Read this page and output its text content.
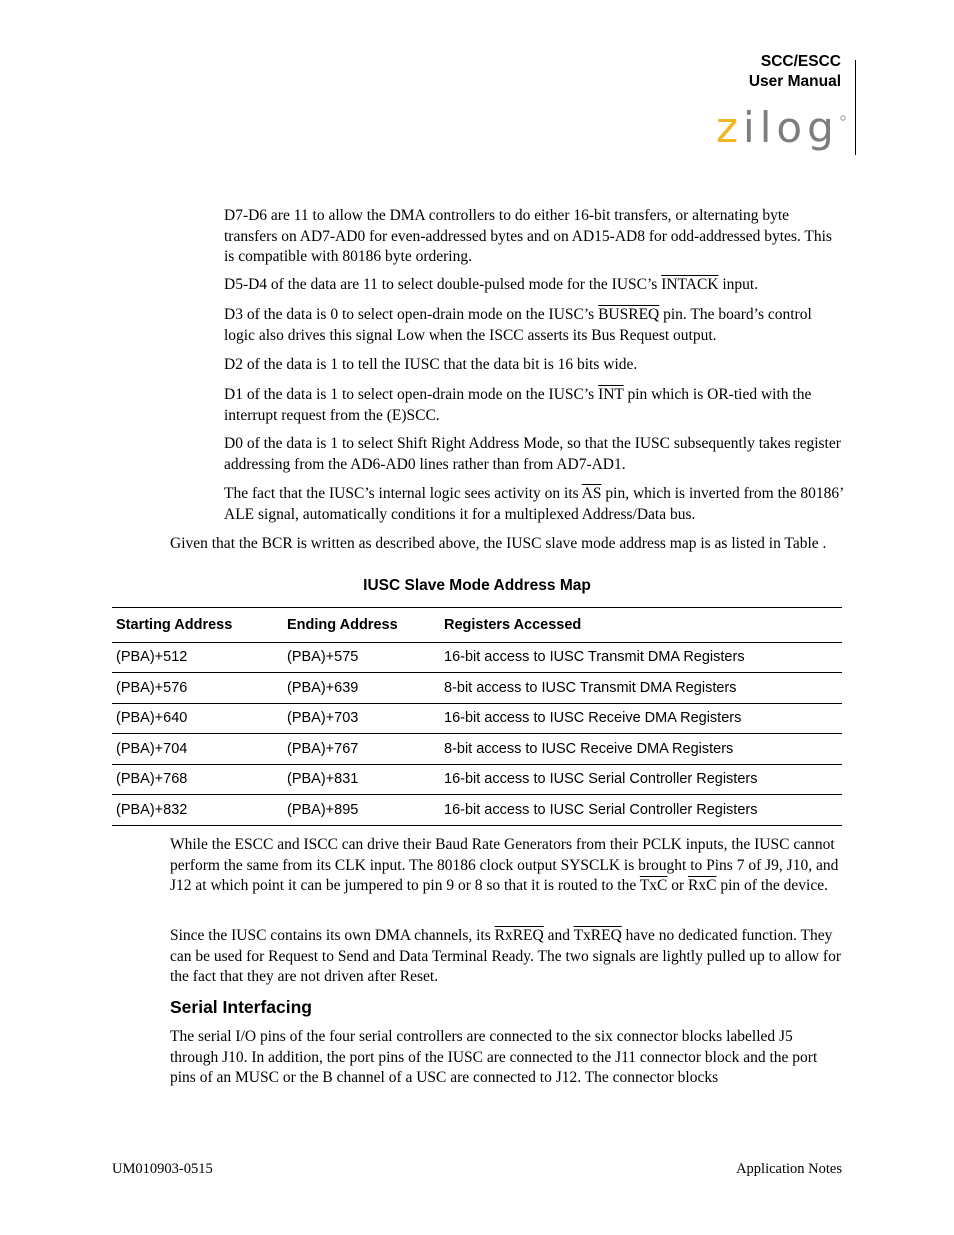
SCC/ESCC
User Manual
zilog

D7-D6 are 11 to allow the DMA controllers to do either 16-bit transfers, or alternating byte transfers on AD7-AD0 for even-addressed bytes and on AD15-AD8 for odd-addressed bytes. This is compatible with 80186 byte ordering.

D5-D4 of the data are 11 to select double-pulsed mode for the IUSC’s INTACK input.

D3 of the data is 0 to select open-drain mode on the IUSC’s BUSREQ pin. The board’s control logic also drives this signal Low when the ISCC asserts its Bus Request output.

D2 of the data is 1 to tell the IUSC that the data bit is 16 bits wide.

D1 of the data is 1 to select open-drain mode on the IUSC’s $\overline{INT}$ pin which is OR-tied with the interrupt request from the (E)SCC.

D0 of the data is 1 to select Shift Right Address Mode, so that the IUSC subsequently takes register addressing from the AD6-AD0 lines rather than from AD7-AD1.

The fact that the IUSC’s internal logic sees activity on its $\overline{AS}$ pin, which is inverted from the 80186’ ALE signal, automatically conditions it for a multiplexed Address/Data bus.

Given that the BCR is written as described above, the IUSC slave mode address map is as listed in Table .

IUSC Slave Mode Address Map
Starting Address	Ending Address	Registers Accessed
(PBA)+512	(PBA)+575	16-bit access to IUSC Transmit DMA Registers
(PBA)+576	(PBA)+639	8-bit access to IUSC Transmit DMA Registers
(PBA)+640	(PBA)+703	16-bit access to IUSC Receive DMA Registers
(PBA)+704	(PBA)+767	8-bit access to IUSC Receive DMA Registers
(PBA)+768	(PBA)+831	16-bit access to IUSC Serial Controller Registers
(PBA)+832	(PBA)+895	16-bit access to IUSC Serial Controller Registers

While the ESCC and ISCC can drive their Baud Rate Generators from their PCLK inputs, the IUSC cannot perform the same from its CLK input. The 80186 clock output SYSCLK is brought to Pins 7 of J9, J10, and J12 at which point it can be jumpered to pin 9 or 8 so that it is routed to the $\overline{TxC}$ or $\overline{RxC}$ pin of the device.

Since the IUSC contains its own DMA channels, its RxREQ and TxREQ have no dedicated function. They can be used for Request to Send and Data Terminal Ready. The two signals are lightly pulled up to allow for the fact that they are not driven after Reset.

Serial Interfacing

The serial I/O pins of the four serial controllers are connected to the six connector blocks labelled J5 through J10. In addition, the port pins of the IUSC are connected to the J11 connector block and the port pins of an MUSC or the B channel of a USC are connected to J12. The connector blocks

UM010903-0515	Application Notes
